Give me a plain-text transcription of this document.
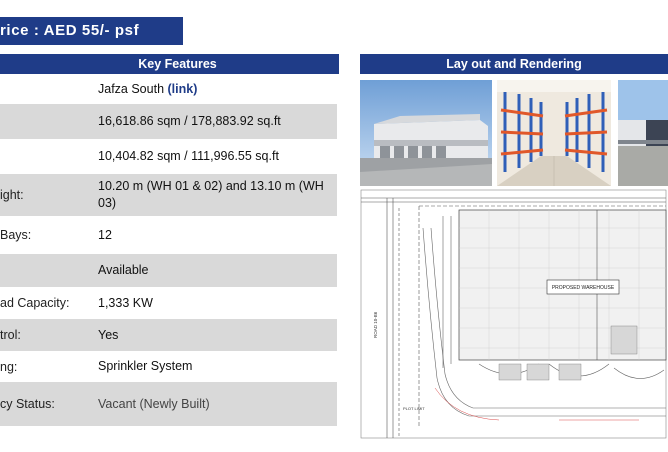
rice : AED 55/- psf
Key Features	Lay out and Rendering
Jafza South (link)
16,618.86 sqm / 178,883.92 sq.ft
10,404.82 sqm / 111,996.55 sq.ft
ight:
10.20 m (WH 01 & 02) and 13.10 m (WH 03)
Bays:	12
Available
ad Capacity:	1,333 KW
trol:	Yes
ng:	Sprinkler System
cy Status:	Vacant (Newly Built)
PROPOSED WAREHOUSE
ROAD 10-B6
PLOT LIMIT
